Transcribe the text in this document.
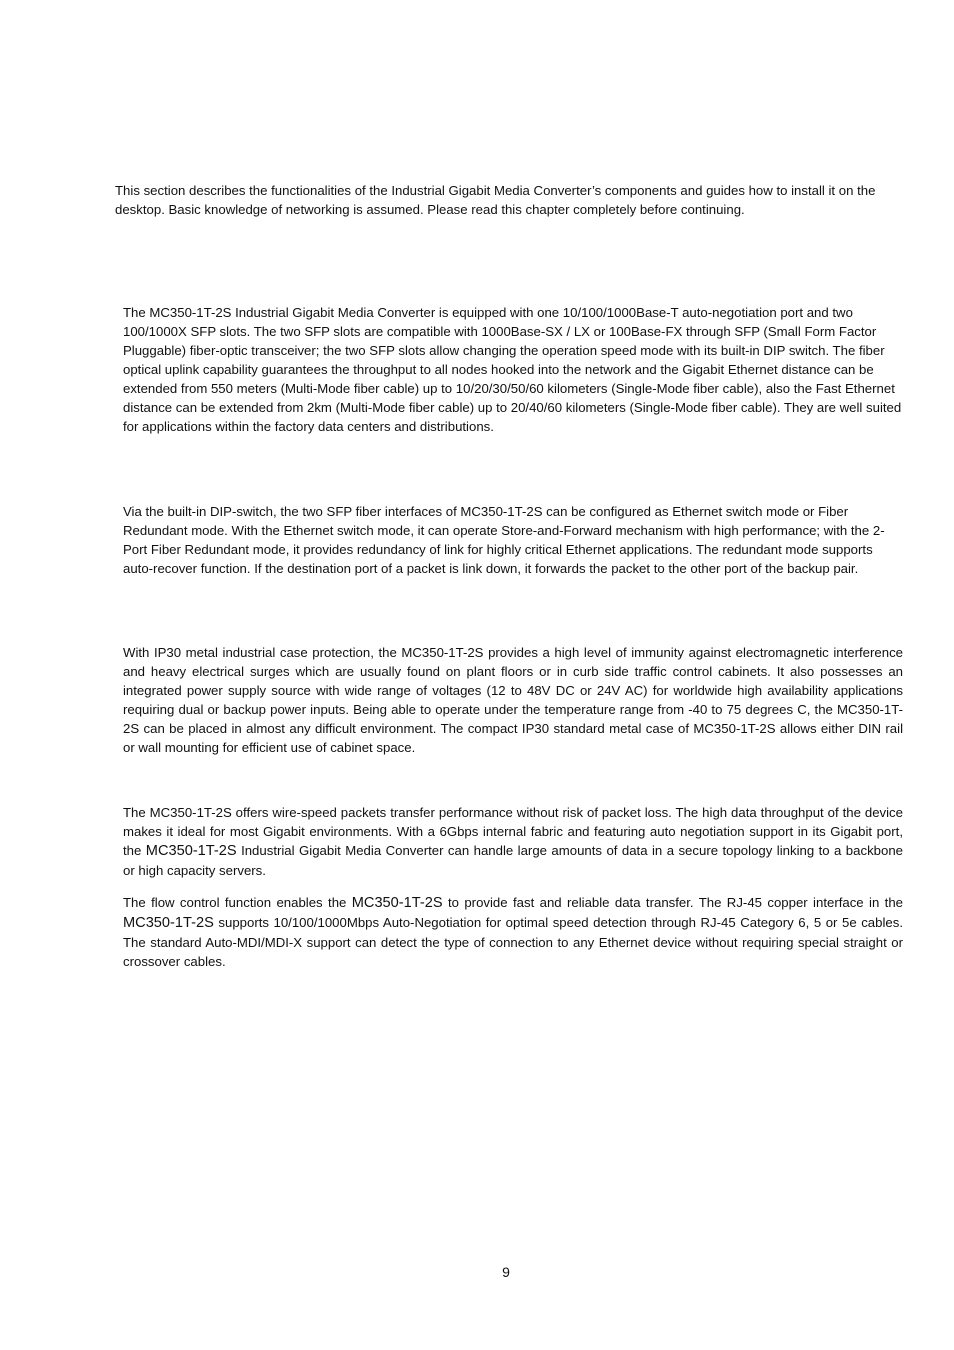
This section describes the functionalities of the Industrial Gigabit Media Converter’s components and guides how to install it on the desktop. Basic knowledge of networking is assumed. Please read this chapter completely before continuing.

The MC350-1T-2S Industrial Gigabit Media Converter is equipped with one 10/100/1000Base-T auto-negotiation port and two 100/1000X SFP slots. The two SFP slots are compatible with 1000Base-SX / LX or 100Base-FX through SFP (Small Form Factor Pluggable) fiber-optic transceiver; the two SFP slots allow changing the operation speed mode with its built-in DIP switch. The fiber optical uplink capability guarantees the throughput to all nodes hooked into the network and the Gigabit Ethernet distance can be extended from 550 meters (Multi-Mode fiber cable) up to 10/20/30/50/60 kilometers (Single-Mode fiber cable), also the Fast Ethernet distance can be extended from 2km (Multi-Mode fiber cable) up to 20/40/60 kilometers (Single-Mode fiber cable). They are well suited for applications within the factory data centers and distributions.

Via the built-in DIP-switch, the two SFP fiber interfaces of MC350-1T-2S can be configured as Ethernet switch mode or Fiber Redundant mode. With the Ethernet switch mode, it can operate Store-and-Forward mechanism with high performance; with the 2-Port Fiber Redundant mode, it provides redundancy of link for highly critical Ethernet applications. The redundant mode supports auto-recover function. If the destination port of a packet is link down, it forwards the packet to the other port of the backup pair.

With IP30 metal industrial case protection, the MC350-1T-2S provides a high level of immunity against electromagnetic interference and heavy electrical surges which are usually found on plant floors or in curb side traffic control cabinets. It also possesses an integrated power supply source with wide range of voltages (12 to 48V DC or 24V AC) for worldwide high availability applications requiring dual or backup power inputs. Being able to operate under the temperature range from -40 to 75 degrees C, the MC350-1T-2S can be placed in almost any difficult environment. The compact IP30 standard metal case of MC350-1T-2S allows either DIN rail or wall mounting for efficient use of cabinet space.

The MC350-1T-2S offers wire-speed packets transfer performance without risk of packet loss. The high data throughput of the device makes it ideal for most Gigabit environments. With a 6Gbps internal fabric and featuring auto negotiation support in its Gigabit port, the MC350-1T-2S Industrial Gigabit Media Converter can handle large amounts of data in a secure topology linking to a backbone or high capacity servers.

The flow control function enables the MC350-1T-2S to provide fast and reliable data transfer. The RJ-45 copper interface in the MC350-1T-2S supports 10/100/1000Mbps Auto-Negotiation for optimal speed detection through RJ-45 Category 6, 5 or 5e cables. The standard Auto-MDI/MDI-X support can detect the type of connection to any Ethernet device without requiring special straight or crossover cables.

9
